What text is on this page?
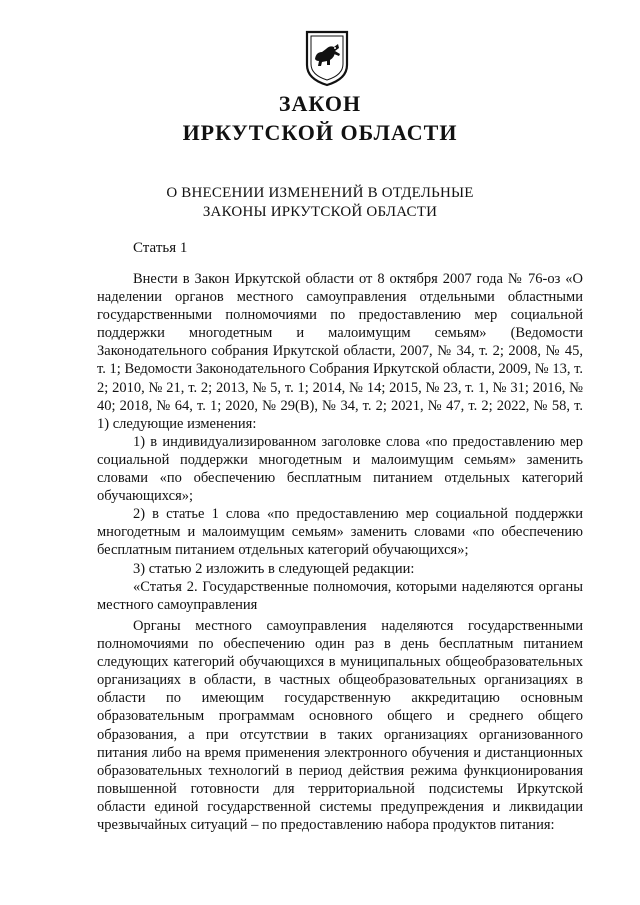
ЗАКОН
ИРКУТСКОЙ ОБЛАСТИ
О ВНЕСЕНИИ ИЗМЕНЕНИЙ В ОТДЕЛЬНЫЕ
ЗАКОНЫ ИРКУТСКОЙ ОБЛАСТИ
Статья 1

Внести в Закон Иркутской области от 8 октября 2007 года № 76-оз «О наделении органов местного самоуправления отдельными областными государственными полномочиями по предоставлению мер социальной поддержки многодетным и малоимущим семьям» (Ведомости Законодательного собрания Иркутской области, 2007, № 34, т. 2; 2008, № 45, т. 1; Ведомости Законодательного Собрания Иркутской области, 2009, № 13, т. 2; 2010, № 21, т. 2; 2013, № 5, т. 1; 2014, № 14; 2015, № 23, т. 1, № 31; 2016, № 40; 2018, № 64, т. 1; 2020, № 29(В), № 34, т. 2; 2021, № 47, т. 2; 2022, № 58, т. 1) следующие изменения:

1) в индивидуализированном заголовке слова «по предоставлению мер социальной поддержки многодетным и малоимущим семьям» заменить словами «по обеспечению бесплатным питанием отдельных категорий обучающихся»;

2) в статье 1 слова «по предоставлению мер социальной поддержки многодетным и малоимущим семьям» заменить словами «по обеспечению бесплатным питанием отдельных категорий обучающихся»;

3) статью 2 изложить в следующей редакции:

«Статья 2. Государственные полномочия, которыми наделяются органы местного самоуправления

Органы местного самоуправления наделяются государственными полномочиями по обеспечению один раз в день бесплатным питанием следующих категорий обучающихся в муниципальных общеобразовательных организациях в области, в частных общеобразовательных организациях в области по имеющим государственную аккредитацию основным образовательным программам основного общего и среднего общего образования, а при отсутствии в таких организациях организованного питания либо на время применения электронного обучения и дистанционных образовательных технологий в период действия режима функционирования повышенной готовности для территориальной подсистемы Иркутской области единой государственной системы предупреждения и ликвидации чрезвычайных ситуаций – по предоставлению набора продуктов питания:
